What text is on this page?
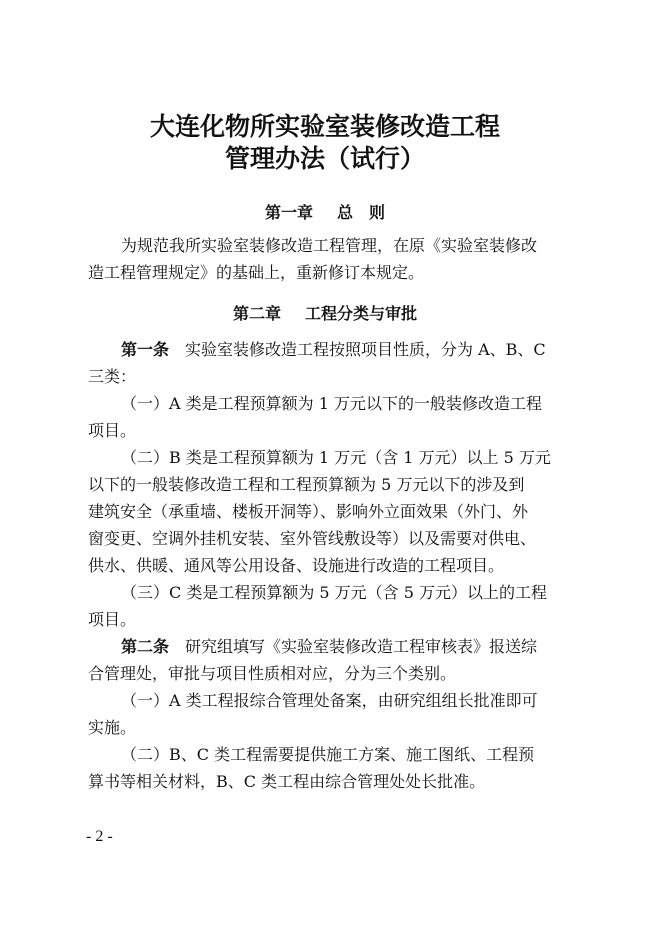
大连化物所实验室装修改造工程
管理办法（试行）
第一章 总　则
为规范我所实验室装修改造工程管理，在原《实验室装修改
造工程管理规定》的基础上，重新修订本规定。
第二章 工程分类与审批
第一条　实验室装修改造工程按照项目性质，分为 A、B、C
三类：
（一）A 类是工程预算额为 1 万元以下的一般装修改造工程
项目。
（二）B 类是工程预算额为 1 万元（含 1 万元）以上 5 万元
以下的一般装修改造工程和工程预算额为 5 万元以下的涉及到
建筑安全（承重墙、楼板开洞等）、影响外立面效果（外门、外
窗变更、空调外挂机安装、室外管线敷设等）以及需要对供电、
供水、供暖、通风等公用设备、设施进行改造的工程项目。
（三）C 类是工程预算额为 5 万元（含 5 万元）以上的工程
项目。
第二条　研究组填写《实验室装修改造工程审核表》报送综
合管理处，审批与项目性质相对应，分为三个类别。
（一）A 类工程报综合管理处备案，由研究组组长批准即可
实施。
（二）B、C 类工程需要提供施工方案、施工图纸、工程预
算书等相关材料，B、C 类工程由综合管理处处长批准。
- 2 -
